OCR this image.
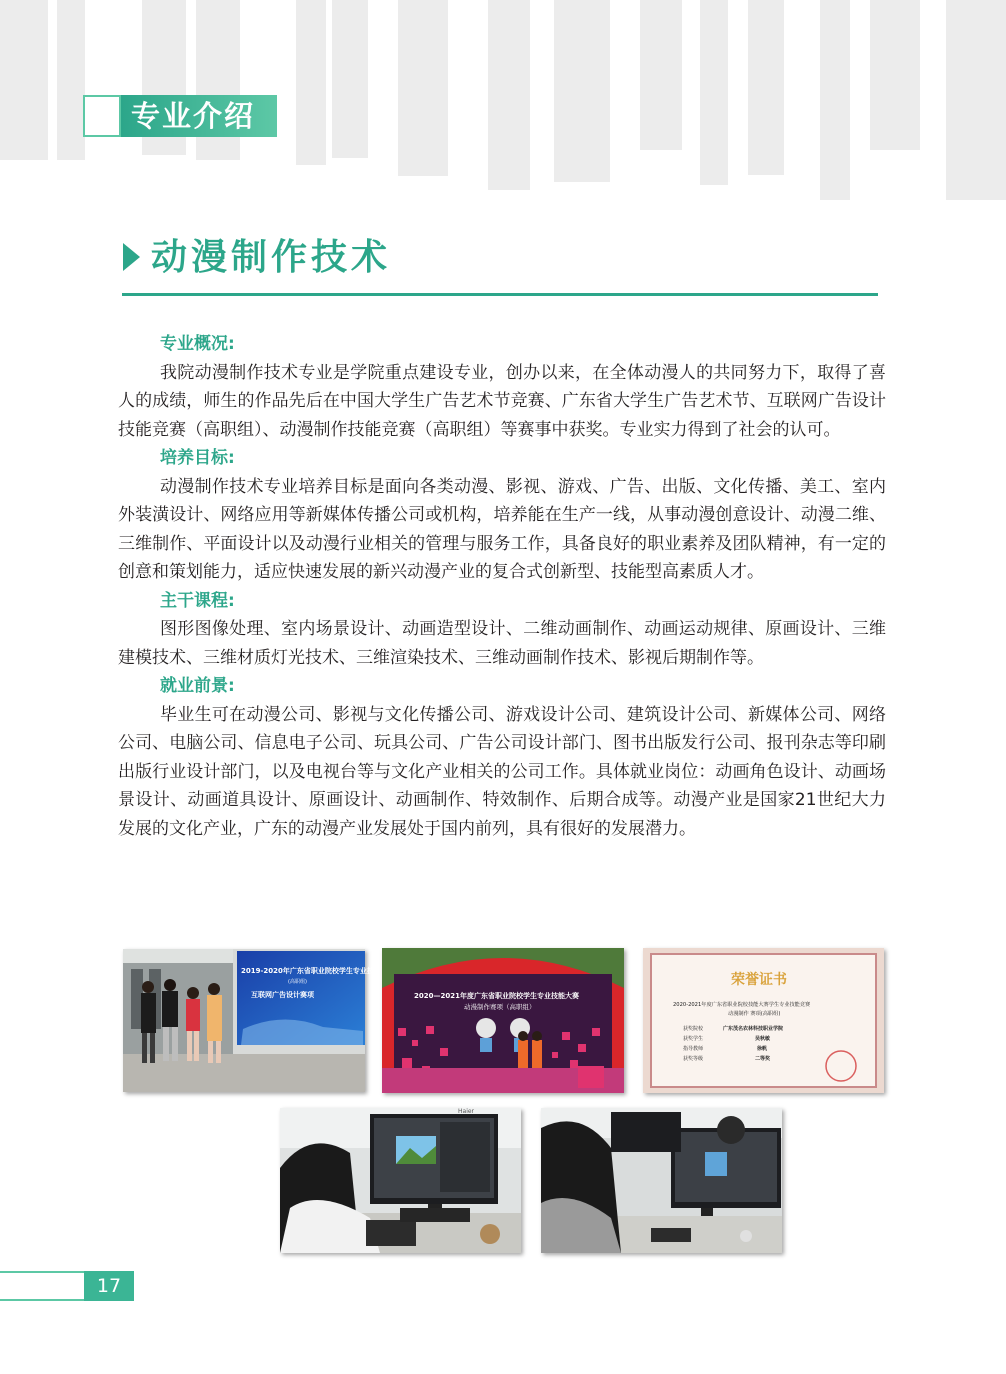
专业介绍
动漫制作技术
专业概况:

我院动漫制作技术专业是学院重点建设专业，创办以来，在全体动漫人的共同努力下，取得了喜人的成绩，师生的作品先后在中国大学生广告艺术节竞赛、广东省大学生广告艺术节、互联网广告设计技能竞赛（高职组）、动漫制作技能竞赛（高职组）等赛事中获奖。专业实力得到了社会的认可。

培养目标:

动漫制作技术专业培养目标是面向各类动漫、影视、游戏、广告、出版、文化传播、美工、室内外装潢设计、网络应用等新媒体传播公司或机构，培养能在生产一线，从事动漫创意设计、动漫二维、三维制作、平面设计以及动漫行业相关的管理与服务工作，具备良好的职业素养及团队精神，有一定的创意和策划能力，适应快速发展的新兴动漫产业的复合式创新型、技能型高素质人才。

主干课程:

图形图像处理、室内场景设计、动画造型设计、二维动画制作、动画运动规律、原画设计、三维建模技术、三维材质灯光技术、三维渲染技术、三维动画制作技术、影视后期制作等。

就业前景:

毕业生可在动漫公司、影视与文化传播公司、游戏设计公司、建筑设计公司、新媒体公司、网络公司、电脑公司、信息电子公司、玩具公司、广告公司设计部门、图书出版发行公司、报刊杂志等印刷出版行业设计部门，以及电视台等与文化产业相关的公司工作。具体就业岗位：动画角色设计、动画场景设计、动画道具设计、原画设计、动画制作、特效制作、后期合成等。动漫产业是国家21世纪大力发展的文化产业，广东的动漫产业发展处于国内前列，具有很好的发展潜力。

2019-2020年广东省职业院校学生专业技能
(高职组)
互联网广告设计赛项	2020—2021年度广东省职业院校学生专业技能大赛
动漫制作赛项（高职组）
荣誉证书
2020-2021年度广东省职业院校技能大赛学生专业技能竞赛
动漫制作 赛项(高职组)
获奖院校	广东茂名农林科技职业学院
获奖学生	吴秋敏
指导教师	徐帆
获奖等级	二等奖
Haier
17
